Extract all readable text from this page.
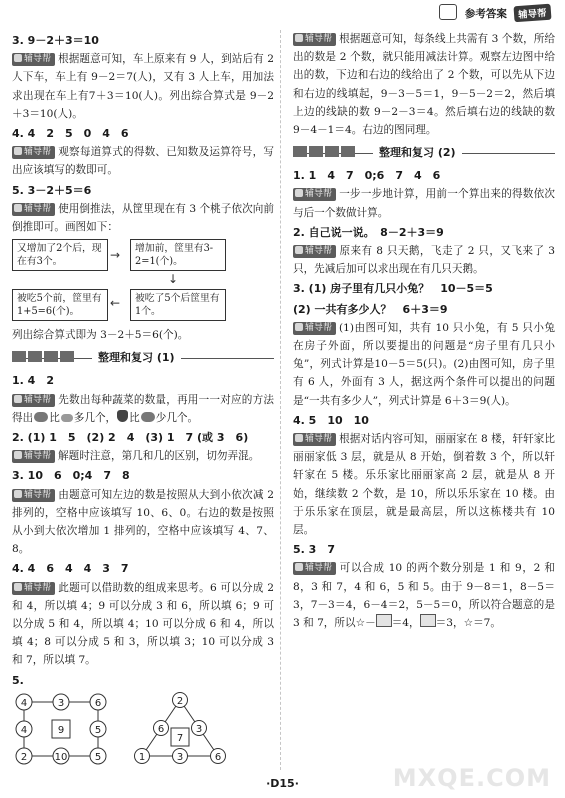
参考答案 辅导帮

3. 9－2＋3＝10

辅导帮 根据题意可知，车上原来有 9 人，到站后有 2 人下车，车上有 9－2＝7(人)，又有 3 人上车，用加法求出现在车上有7＋3＝10(人)。列出综合算式是 9－2＋3＝10(人)。

4. 4　2　5　0　4　6

辅导帮 观察每道算式的得数、已知数及运算符号，写出应该填写的数即可。

5. 3－2＋5＝6

辅导帮 使用倒推法，从筐里现在有 3 个桃子依次向前倒推即可。画图如下：

又增加了2个后，现在有3个。	→	增加前，筐里有3-2=1(个)。
↓
被吃5个前，筐里有1+5=6(个)。
←	被吃了5个后筐里有1个。

列出综合算式即为 3－2＋5＝6(个)。

整理和复习 (1)

1. 4　2

辅导帮 先数出每种蔬菜的数量，再用一一对应的方法得出 比 多几个， 比 少几个。

2. (1) 1　5　(2) 2　4　(3) 1　7 (或 3　6)

辅导帮 解题时注意，第几和几的区别，切勿弄混。

3. 10　6　0;4　7　8

辅导帮 由题意可知左边的数是按照从大到小依次减 2 排列的，空格中应该填写 10、6、0。右边的数是按照从小到大依次增加 1 排列的，空格中应该填写 4、7、8。

4. 4　6　4　4　3　7

辅导帮 此题可以借助数的组成来思考。6 可以分成 2 和 4，所以填 4；9 可以分成 3 和 6，所以填 6；9 可以分成 5 和 4，所以填 4；10 可以分成 6 和 4，所以填 4；8 可以分成 5 和 3，所以填 3；10 可以分成 3 和 7，所以填 7。

5.

4	3	6
4	9	5
2	10	5
2
6
7
3
1	3	6

辅导帮 根据题意可知，每条线上共需有 3 个数，所给出的数是 2 个数，就只能用减法计算。观察左边图中给出的数，下边和右边的线给出了 2 个数，可以先从下边和右边的线填起，9－3－5＝1，9－5－2＝2，然后填上边的线缺的数 9－2－3＝4。然后填右边的线缺的数 9－4－1＝4。右边的图同理。

整理和复习 (2)

1. 1　4　7　0;6　7　4　6

辅导帮 一步一步地计算，用前一个算出来的得数依次与后一个数做计算。

2. 自己说一说。　8－2＋3＝9

辅导帮 原来有 8 只天鹅，飞走了 2 只，又飞来了 3 只，先减后加可以求出现在有几只天鹅。

3. (1) 房子里有几只小兔？　10－5＝5

(2) 一共有多少人？　6＋3＝9

辅导帮 (1)由图可知，共有 10 只小兔，有 5 只小兔在房子外面，所以要提出的问题是“房子里有几只小兔”，列式计算是10－5＝5(只)。(2)由图可知，房子里有 6 人，外面有 3 人，据这两个条件可以提出的问题是“一共有多少人”，列式计算是 6＋3＝9(人)。

4. 5　10　10

辅导帮 根据对话内容可知，丽丽家在 8 楼，轩轩家比丽丽家低 3 层，就是从 8 开始，倒着数 3 个，所以轩轩家在 5 楼。乐乐家比丽丽家高 2 层，就是从 8 开始，继续数 2 个数，是 10，所以乐乐家在 10 楼。由于乐乐家在顶层，就是最高层，所以这栋楼共有 10 层。

5. 3　7

辅导帮 可以合成 10 的两个数分别是 1 和 9，2 和 8，3 和 7，4 和 6，5 和 5。由于 9－8＝1，8－5＝3，7－3＝4，6－4＝2，5－5＝0，所以符合题意的是 3 和 7，所以☆－ ＝4， ＝3，☆＝7。

·D15·	MXQE.COM
